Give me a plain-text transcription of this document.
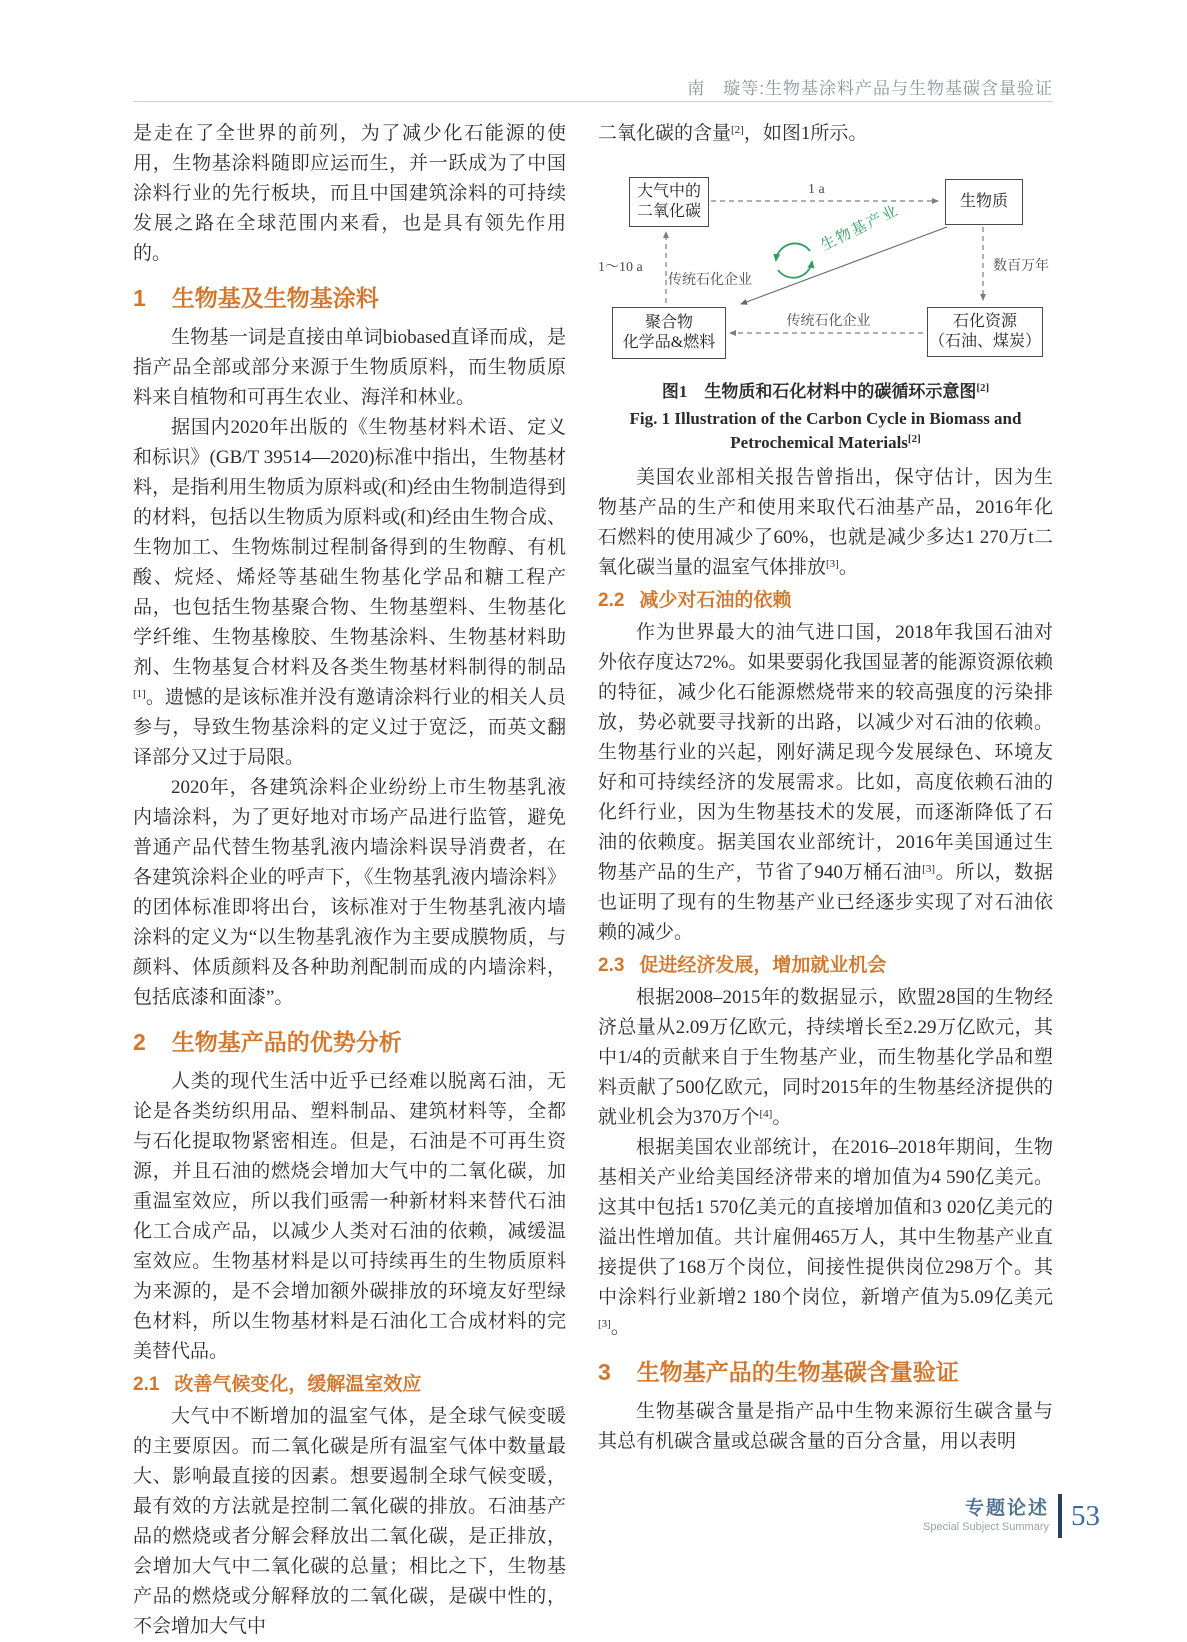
南　璇等:生物基涂料产品与生物基碳含量验证

是走在了全世界的前列，为了减少化石能源的使用，生物基涂料随即应运而生，并一跃成为了中国涂料行业的先行板块，而且中国建筑涂料的可持续发展之路在全球范围内来看，也是具有领先作用的。

1 生物基及生物基涂料

生物基一词是直接由单词biobased直译而成，是指产品全部或部分来源于生物质原料，而生物质原料来自植物和可再生农业、海洋和林业。

据国内2020年出版的《生物基材料术语、定义和标识》(GB/T 39514—2020)标准中指出，生物基材料，是指利用生物质为原料或(和)经由生物制造得到的材料，包括以生物质为原料或(和)经由生物合成、生物加工、生物炼制过程制备得到的生物醇、有机酸、烷烃、烯烃等基础生物基化学品和糖工程产品，也包括生物基聚合物、生物基塑料、生物基化学纤维、生物基橡胶、生物基涂料、生物基材料助剂、生物基复合材料及各类生物基材料制得的制品[1]。遗憾的是该标准并没有邀请涂料行业的相关人员参与，导致生物基涂料的定义过于宽泛，而英文翻译部分又过于局限。

2020年，各建筑涂料企业纷纷上市生物基乳液内墙涂料，为了更好地对市场产品进行监管，避免普通产品代替生物基乳液内墙涂料误导消费者，在各建筑涂料企业的呼声下，《生物基乳液内墙涂料》的团体标准即将出台，该标准对于生物基乳液内墙涂料的定义为“以生物基乳液作为主要成膜物质，与颜料、体质颜料及各种助剂配制而成的内墙涂料，包括底漆和面漆”。

2 生物基产品的优势分析

人类的现代生活中近乎已经难以脱离石油，无论是各类纺织用品、塑料制品、建筑材料等，全都与石化提取物紧密相连。但是，石油是不可再生资源，并且石油的燃烧会增加大气中的二氧化碳，加重温室效应，所以我们亟需一种新材料来替代石油化工合成产品，以减少人类对石油的依赖，减缓温室效应。生物基材料是以可持续再生的生物质原料为来源的，是不会增加额外碳排放的环境友好型绿色材料，所以生物基材料是石油化工合成材料的完美替代品。

2.1 改善气候变化，缓解温室效应

大气中不断增加的温室气体，是全球气候变暖的主要原因。而二氧化碳是所有温室气体中数量最大、影响最直接的因素。想要遏制全球气候变暖，最有效的方法就是控制二氧化碳的排放。石油基产品的燃烧或者分解会释放出二氧化碳，是正排放，会增加大气中二氧化碳的总量；相比之下，生物基产品的燃烧或分解释放的二氧化碳，是碳中性的，不会增加大气中

二氧化碳的含量[2]，如图1所示。

大气中的
二氧化碳
生物质
聚合物
化学品&燃料
石化资源
（石油、煤炭）
1 a
数百万年
1～10 a
传统石化企业
传统石化企业
生物基产业

图1　生物质和石化材料中的碳循环示意图[2]

Fig. 1 Illustration of the Carbon Cycle in Biomass and
Petrochemical Materials[2]

美国农业部相关报告曾指出，保守估计，因为生物基产品的生产和使用来取代石油基产品，2016年化石燃料的使用减少了60%，也就是减少多达1 270万t二氧化碳当量的温室气体排放[3]。

2.2 减少对石油的依赖

作为世界最大的油气进口国，2018年我国石油对外依存度达72%。如果要弱化我国显著的能源资源依赖的特征，减少化石能源燃烧带来的较高强度的污染排放，势必就要寻找新的出路，以减少对石油的依赖。生物基行业的兴起，刚好满足现今发展绿色、环境友好和可持续经济的发展需求。比如，高度依赖石油的化纤行业，因为生物基技术的发展，而逐渐降低了石油的依赖度。据美国农业部统计，2016年美国通过生物基产品的生产，节省了940万桶石油[3]。所以，数据也证明了现有的生物基产业已经逐步实现了对石油依赖的减少。

2.3 促进经济发展，增加就业机会

根据2008–2015年的数据显示，欧盟28国的生物经济总量从2.09万亿欧元，持续增长至2.29万亿欧元，其中1/4的贡献来自于生物基产业，而生物基化学品和塑料贡献了500亿欧元，同时2015年的生物基经济提供的就业机会为370万个[4]。

根据美国农业部统计，在2016–2018年期间，生物基相关产业给美国经济带来的增加值为4 590亿美元。这其中包括1 570亿美元的直接增加值和3 020亿美元的溢出性增加值。共计雇佣465万人，其中生物基产业直接提供了168万个岗位，间接性提供岗位298万个。其中涂料行业新增2 180个岗位，新增产值为5.09亿美元[3]。

3 生物基产品的生物基碳含量验证

生物基碳含量是指产品中生物来源衍生碳含量与其总有机碳含量或总碳含量的百分含量，用以表明

专题论述
Special Subject Summary 53
